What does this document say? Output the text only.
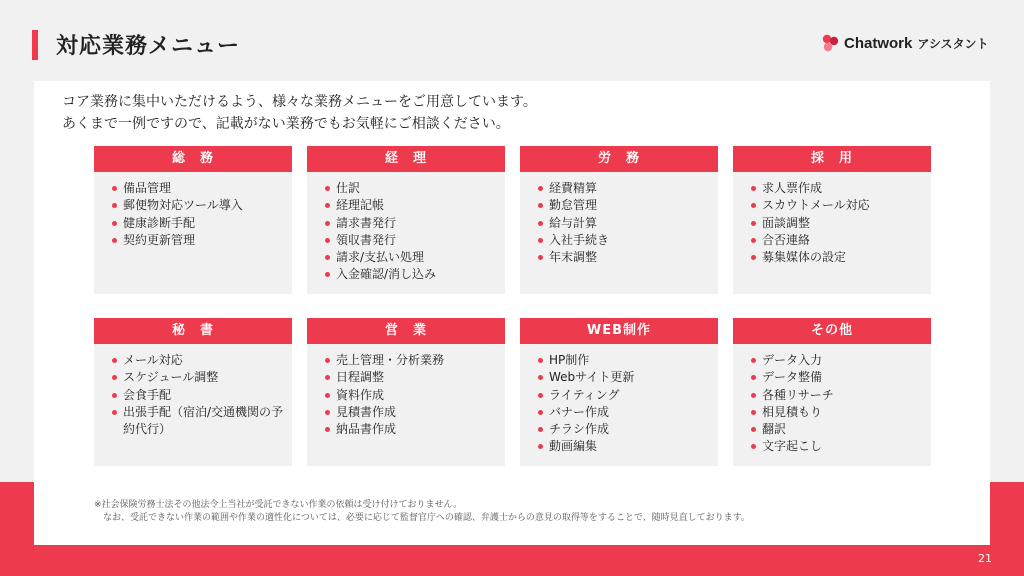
対応業務メニュー	Chatwork アシスタント
コア業務に集中いただけるよう、様々な業務メニューをご用意しています。
あくまで一例ですので、記載がない業務でもお気軽にご相談ください。
総　務
備品管理
郵便物対応ツール導入
健康診断手配
契約更新管理
経　理
仕訳
経理記帳
請求書発行
領収書発行
請求/支払い処理
入金確認/消し込み
労　務
経費精算
勤怠管理
給与計算
入社手続き
年末調整
採　用
求人票作成
スカウトメール対応
面談調整
合否連絡
募集媒体の設定
秘　書
メール対応
スケジュール調整
会食手配
出張手配（宿泊/交通機関の予約代行）
営　業
売上管理・分析業務
日程調整
資料作成
見積書作成
納品書作成
WEB制作
HP制作
Webサイト更新
ライティング
バナー作成
チラシ作成
動画編集
その他
データ入力
データ整備
各種リサーチ
相見積もり
翻訳
文字起こし
※社会保険労務士法その他法令上当社が受託できない作業の依頼は受け付けておりません。
　なお、受託できない作業の範囲や作業の適性化については、必要に応じて監督官庁への確認、弁護士からの意見の取得等をすることで、随時見直しております。
21
